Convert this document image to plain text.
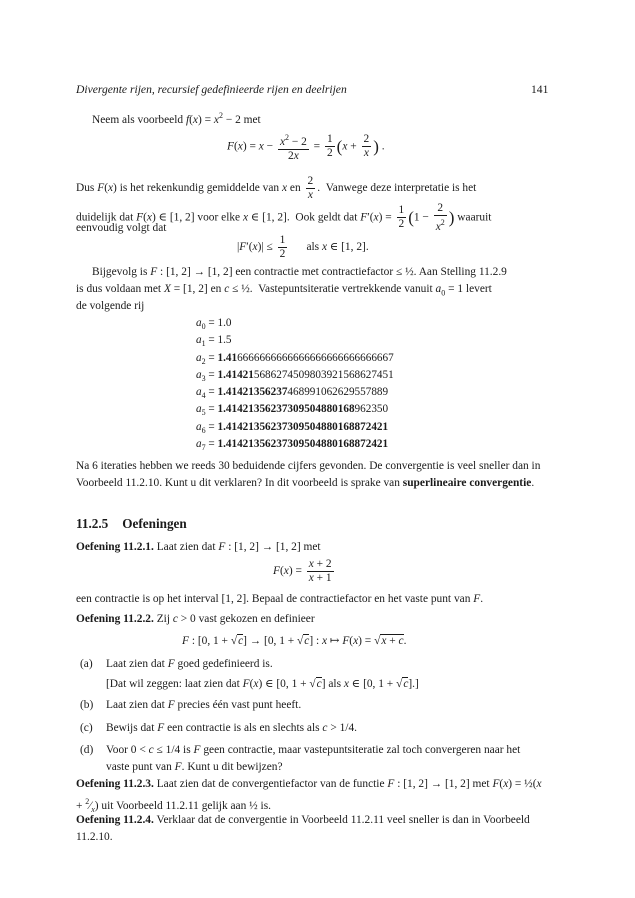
Divergente rijen, recursief gedefinieerde rijen en deelrijen	141
Neem als voorbeeld $f(x) = x^2 - 2$ met
$F(x) = x - \frac{x^2 - 2}{2x} = \frac{1}{2} (x + \frac{2}{x}$ ) .
Dus F(x) is het rekenkundig gemiddelde van x en $\frac{2}{x}$ .  Vanwege deze interpretatie is het
duidelijk dat F(x) ∈ [1, 2] voor elke x ∈ [1, 2].  Ook geldt dat $F'(x) = \frac{1}{2} (1 - \frac{2}{x^2}$ ) waaruit
eenvoudig volgt dat
$|F'(x)| \le \frac{1}{2}$ als x ∈ [1, 2].
Bijgevolg is F : [1, 2] → [1, 2] een contractie met contractiefactor ≤ ½. Aan Stelling 11.2.9
is dus voldaan met X = [1, 2] en c ≤ ½.  Vastepuntsiteratie vertrekkende vanuit $a_0 = 1$ levert
de volgende rij
$a_0 = 1.0$
$a_1 = 1.5$
$a_2 = 1.416666666666666666666666666667$
$a_3 = 1.414215686274509803921568627451$
$a_4 = 1.41421356237468991062629557889$
$a_5 = 1.41421356237309504880168962350$
$a_6 = 1.41421356237309504880168872421$
$a_7 = 1.41421356237309504880168872421$
Na 6 iteraties hebben we reeds 30 beduidende cijfers gevonden. De convergentie is veel sneller dan in Voorbeeld 11.2.10. Kunt u dit verklaren? In dit voorbeeld is sprake van superlineaire convergentie.
11.2.5 Oefeningen
Oefening 11.2.1. Laat zien dat F : [1, 2] → [1, 2] met
$F(x) = \frac{x + 2}{x + 1}$
een contractie is op het interval [1, 2]. Bepaal de contractiefactor en het vaste punt van F.
Oefening 11.2.2. Zij c > 0 vast gekozen en definieer
F : [0, 1 + √c] → [0, 1 + √c] : x ↦ F(x) = √x + c.
(a) Laat zien dat F goed gedefinieerd is.
[Dat wil zeggen: laat zien dat F(x) ∈ [0, 1 + √c] als x ∈ [0, 1 + √c].]
(b) Laat zien dat F precies één vast punt heeft.
(c) Bewijs dat F een contractie is als en slechts als c > 1/4.
(d) Voor 0 < c ≤ 1/4 is F geen contractie, maar vastepuntsiteratie zal toch convergeren naar het vaste punt van F. Kunt u dit bewijzen?
Oefening 11.2.3. Laat zien dat de convergentiefactor van de functie F : [1, 2] → [1, 2] met F(x) = ½(x + $^2⁄_x$) uit Voorbeeld 11.2.11 gelijk aan ½ is.
Oefening 11.2.4. Verklaar dat de convergentie in Voorbeeld 11.2.11 veel sneller is dan in Voorbeeld 11.2.10.
